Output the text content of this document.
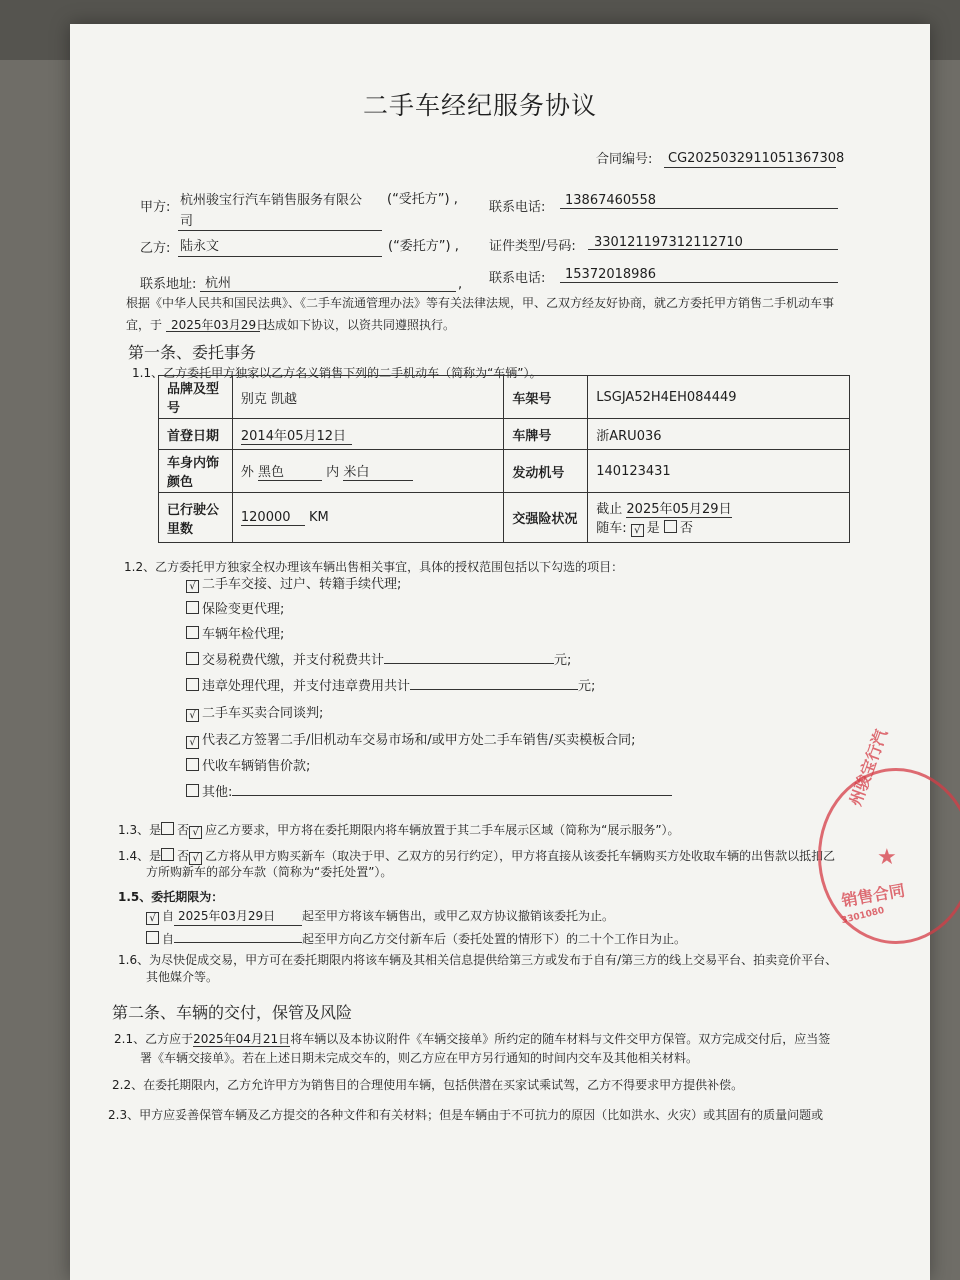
二手车经纪服务协议
合同编号: CG2025032911051367308
甲方: 杭州骏宝行汽车销售服务有限公
司
(“受托方”) ,
联系电话: 13867460558
乙方: 陆永文	(“委托方”) , 证件类型/号码: 330121197312112710
联系地址: 杭州	, 联系电话: 15372018986
根据《中华人民共和国民法典》、《二手车流通管理办法》等有关法律法规，甲、乙双方经友好协商，就乙方委托甲方销售二手机动车事
宜，于 2025年03月29日
达成如下协议，以资共同遵照执行。
第一条、委托事务
1.1、乙方委托甲方独家以乙方名义销售下列的二手机动车（简称为“车辆”）。
品牌及型号	别克 凯越	车架号	LSGJA52H4EH084449
首登日期	2014年05月12日	车牌号	浙ARU036
车身内饰颜色	外 黑色 内 米白	发动机号	140123431
已行驶公里数	120000 KM	交强险状况	截止 2025年05月29日
随车: √ 是 否
1.2、乙方委托甲方独家全权办理该车辆出售相关事宜，具体的授权范围包括以下勾选的项目：
√ 二手车交接、过户、转籍手续代理;
保险变更代理;
车辆年检代理;
交易税费代缴，并支付税费共计	元;
违章处理代理，并支付违章费用共计	元;
√ 二手车买卖合同谈判;
√ 代表乙方签署二手/旧机动车交易市场和/或甲方处二手车销售/买卖模板合同;
代收车辆销售价款;
其他:
1.3、是 否 √ 应乙方要求，甲方将在委托期限内将车辆放置于其二手车展示区域（简称为“展示服务”）。
1.4、是 否 √ 乙方将从甲方购买新车（取决于甲、乙双方的另行约定），甲方将直接从该委托车辆购买方处收取车辆的出售款以抵扣乙
方所购新车的部分车款（简称为“委托处置”）。
1.5、委托期限为：
√ 自 2025年03月29日 起至甲方将该车辆售出，或甲乙双方协议撤销该委托为止。
自	起至甲方向乙方交付新车后（委托处置的情形下）的二十个工作日为止。
1.6、为尽快促成交易，甲方可在委托期限内将该车辆及其相关信息提供给第三方或发布于自有/第三方的线上交易平台、拍卖竞价平台、
其他媒介等。
第二条、车辆的交付，保管及风险
2.1、乙方应于2025年04月21日将车辆以及本协议附件《车辆交接单》所约定的随车材料与文件交甲方保管。双方完成交付后，应当签
署《车辆交接单》。若在上述日期未完成交车的，则乙方应在甲方另行通知的时间内交车及其他相关材料。
2.2、在委托期限内，乙方允许甲方为销售目的合理使用车辆，包括供潜在买家试乘试驾，乙方不得要求甲方提供补偿。
2.3、甲方应妥善保管车辆及乙方提交的各种文件和有关材料；但是车辆由于不可抗力的原因（比如洪水、火灾）或其固有的质量问题或
州骏宝行汽
★
销售合同
3301080
